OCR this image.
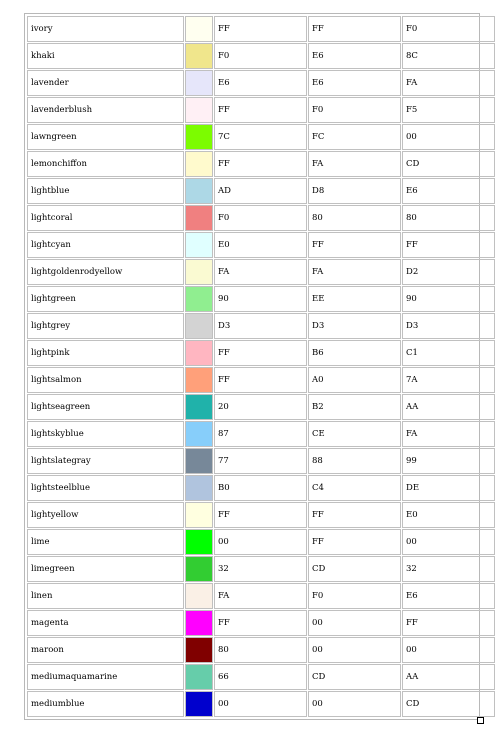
ivory		FF	FF	F0
khaki		F0	E6	8C
lavender		E6	E6	FA
lavenderblush		FF	F0	F5
lawngreen		7C	FC	00
lemonchiffon		FF	FA	CD
lightblue		AD	D8	E6
lightcoral		F0	80	80
lightcyan		E0	FF	FF
lightgoldenrodyellow		FA	FA	D2
lightgreen		90	EE	90
lightgrey		D3	D3	D3
lightpink		FF	B6	C1
lightsalmon		FF	A0	7A
lightseagreen		20	B2	AA
lightskyblue		87	CE	FA
lightslategray		77	88	99
lightsteelblue		B0	C4	DE
lightyellow		FF	FF	E0
lime		00	FF	00
limegreen		32	CD	32
linen		FA	F0	E6
magenta		FF	00	FF
maroon		80	00	00
mediumaquamarine		66	CD	AA
mediumblue		00	00	CD
